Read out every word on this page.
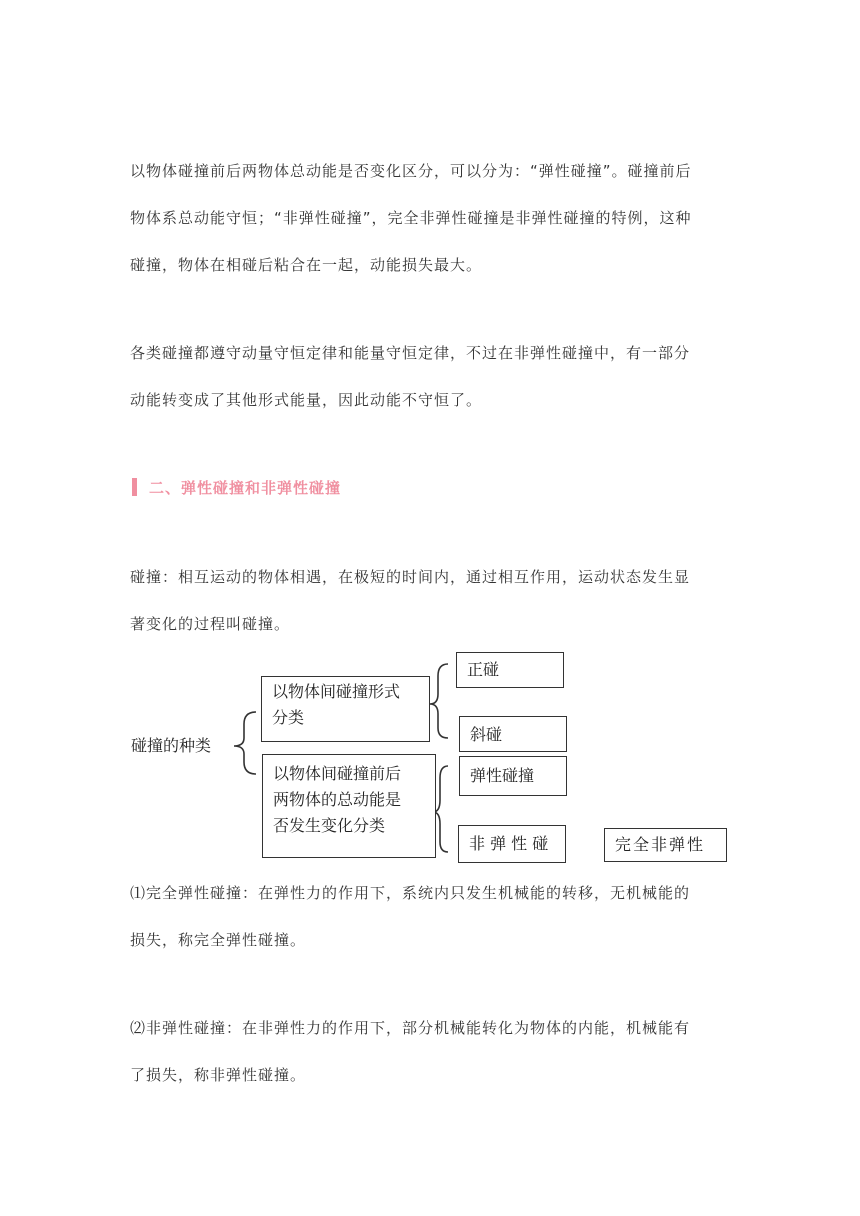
以物体碰撞前后两物体总动能是否变化区分，可以分为：“弹性碰撞”。碰撞前后
物体系总动能守恒；“非弹性碰撞”，完全非弹性碰撞是非弹性碰撞的特例，这种
碰撞，物体在相碰后粘合在一起，动能损失最大。
各类碰撞都遵守动量守恒定律和能量守恒定律，不过在非弹性碰撞中，有一部分
动能转变成了其他形式能量，因此动能不守恒了。
二、弹性碰撞和非弹性碰撞
碰撞：相互运动的物体相遇，在极短的时间内，通过相互作用，运动状态发生显
著变化的过程叫碰撞。
碰撞的种类
以物体间碰撞形式
分类
以物体间碰撞前后
两物体的总动能是
否发生变化分类
正碰
斜碰
弹性碰撞
非 弹 性 碰	完全非弹性
⑴完全弹性碰撞：在弹性力的作用下，系统内只发生机械能的转移，无机械能的
损失，称完全弹性碰撞。
⑵非弹性碰撞：在非弹性力的作用下，部分机械能转化为物体的内能，机械能有
了损失，称非弹性碰撞。
